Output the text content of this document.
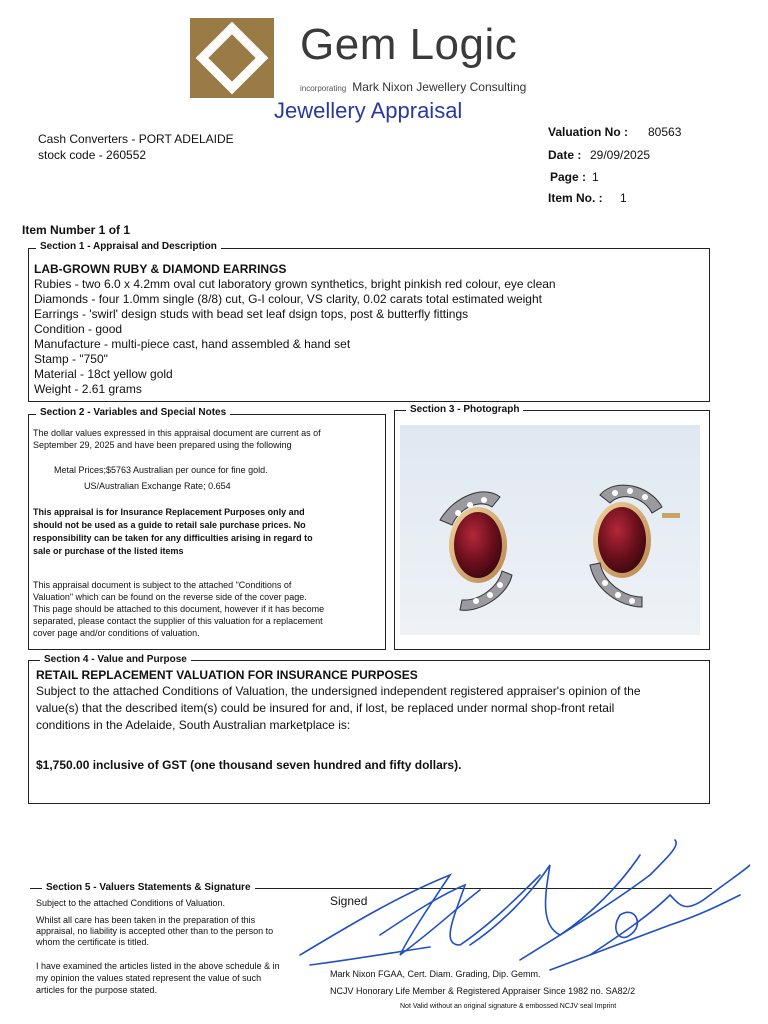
Gem Logic
incorporating Mark Nixon Jewellery Consulting
Jewellery Appraisal
Cash Converters - PORT ADELAIDE
stock code - 260552
Valuation No : 80563
Date : 29/09/2025
Page : 1
Item No. : 1
Item Number 1 of 1
Section 1 - Appraisal and Description
LAB-GROWN RUBY & DIAMOND EARRINGS
Rubies - two 6.0 x 4.2mm oval cut laboratory grown synthetics, bright pinkish red colour, eye clean
Diamonds - four 1.0mm single (8/8) cut, G-I colour, VS clarity, 0.02 carats total estimated weight
Earrings - 'swirl' design studs with bead set leaf dsign tops, post & butterfly fittings
Condition - good
Manufacture - multi-piece cast, hand assembled & hand set
Stamp - "750"
Material - 18ct yellow gold
Weight - 2.61 grams
Section 2 - Variables and Special Notes
The dollar values expressed in this appraisal document are current as of
September 29, 2025 and have been prepared using the following
Metal Prices;$5763 Australian per ounce for fine gold.
US/Australian Exchange Rate; 0.654
This appraisal is for Insurance Replacement Purposes only and
should not be used as a guide to retail sale purchase prices. No
responsibility can be taken for any difficulties arising in regard to
sale or purchase of the listed items
This appraisal document is subject to the attached "Conditions of
Valuation" which can be found on the reverse side of the cover page.
This page should be attached to this document, however if it has become
separated, please contact the supplier of this valuation for a replacement
cover page and/or conditions of valuation.
Section 3 - Photograph
Section 4 - Value and Purpose
RETAIL REPLACEMENT VALUATION FOR INSURANCE PURPOSES
Subject to the attached Conditions of Valuation, the undersigned independent registered appraiser's opinion of the
value(s) that the described item(s) could be insured for and, if lost, be replaced under normal shop-front retail
conditions in the Adelaide, South Australian marketplace is:
$1,750.00 inclusive of GST (one thousand seven hundred and fifty dollars).
Section 5 - Valuers Statements & Signature
Subject to the attached Conditions of Valuation.
Whilst all care has been taken in the preparation of this
appraisal, no liability is accepted other than to the person to
whom the certificate is titled.
I have examined the articles listed in the above schedule & in
my opinion the values stated represent the value of such
articles for the purpose stated.
Signed
Mark Nixon FGAA, Cert. Diam. Grading, Dip. Gemm.
NCJV Honorary Life Member & Registered Appraiser Since 1982 no. SA82/2
Not Valid without an original signature & embossed NCJV seal Imprint
